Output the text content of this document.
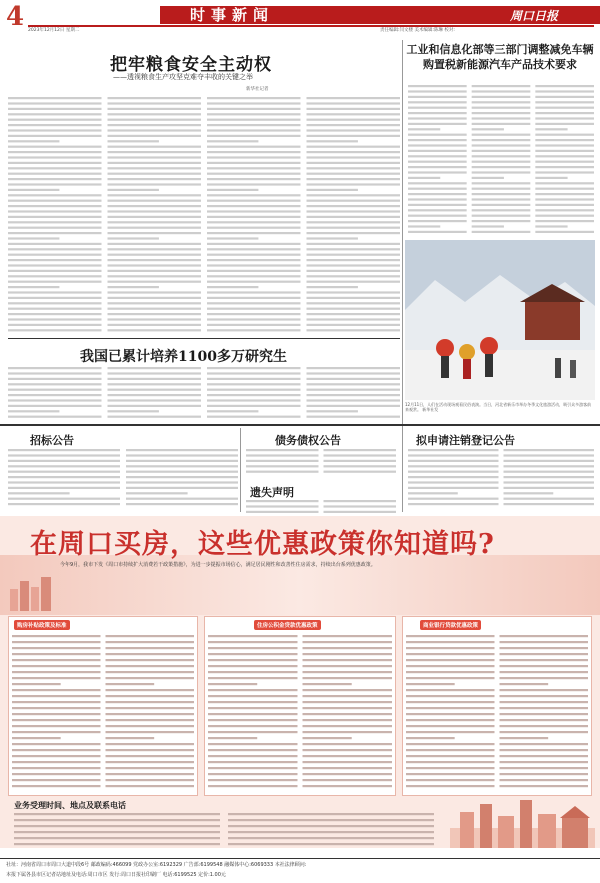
4	时事新闻	周口日报
2023年12月12日 星期二	责任编辑:闫文楼 美术编辑:陈琳 校对:
把牢粮食安全主动权
——透视粮食生产攻坚克难夺丰收的关键之举
新华社记者
工业和信息化部等三部门调整减免车辆购置税新能源汽车产品技术要求
12月11日，人们在活动现场观看民俗表演。当日，河北省新乐市举办冬季文化旅游活动，吸引众多游客前来观赏。 新华社发
我国已累计培养1100多万研究生
招标公告	债务债权公告
遗失声明
拟申请注销登记公告
在周口买房，这些优惠政策你知道吗?
今年9月，我市下发《周口市持续扩大消费若干政策措施》，为进一步提振市场信心，满足居民刚性和改善性住房需求，持续出台系列优惠政策。
购房补贴政策及标准	住房公积金贷款优惠政策	商业银行贷款优惠政策
业务受理时间、地点及联系电话
社址：河南省周口市周口大道中段6号 邮政编码:466099 党政办公室:6192329 广告部:6199548 融媒体中心:6069333 本社法律顾问:
本报下属各县市区记者站地址及电话:周口市区 发行:周口日报社印刷厂 电话:6199525 定价:1.00元
